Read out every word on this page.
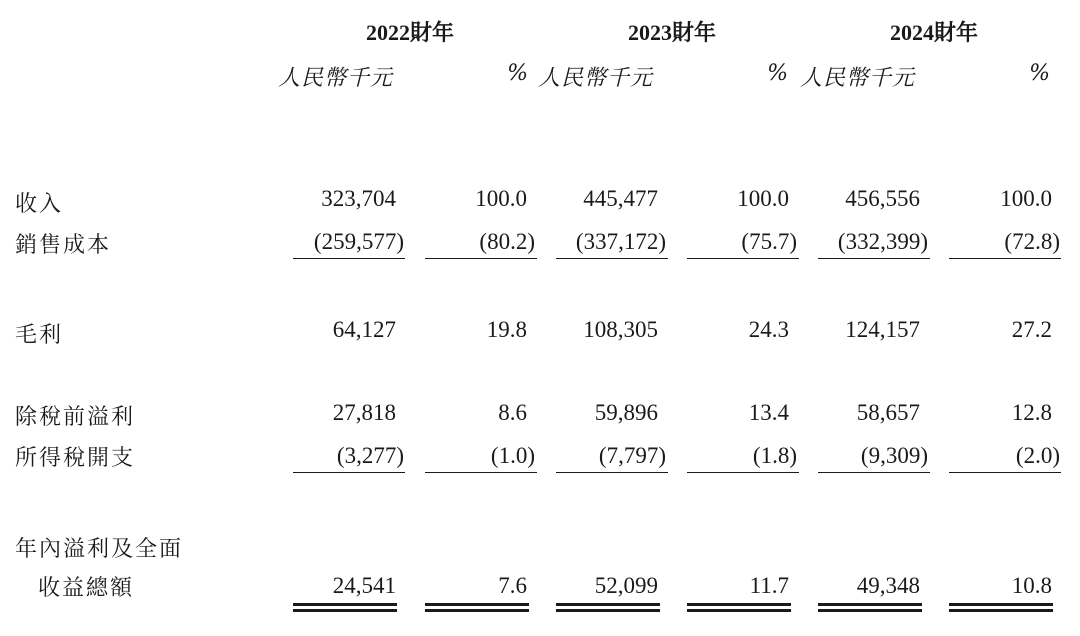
2022財年	2023財年	2024財年
人民幣千元	% 人民幣千元	% 人民幣千元	%
收入	323,704	100.0	445,477	100.0	456,556	100.0
銷售成本	(259,577)	(80.2)	(337,172)	(75.7)	(332,399)	(72.8)
毛利	64,127	19.8	108,305	24.3	124,157	27.2
除稅前溢利	27,818	8.6	59,896	13.4	58,657	12.8
所得稅開支	(3,277)	(1.0)	(7,797)	(1.8)	(9,309)	(2.0)
年內溢利及全面
收益總額	24,541	7.6	52,099	11.7	49,348	10.8
